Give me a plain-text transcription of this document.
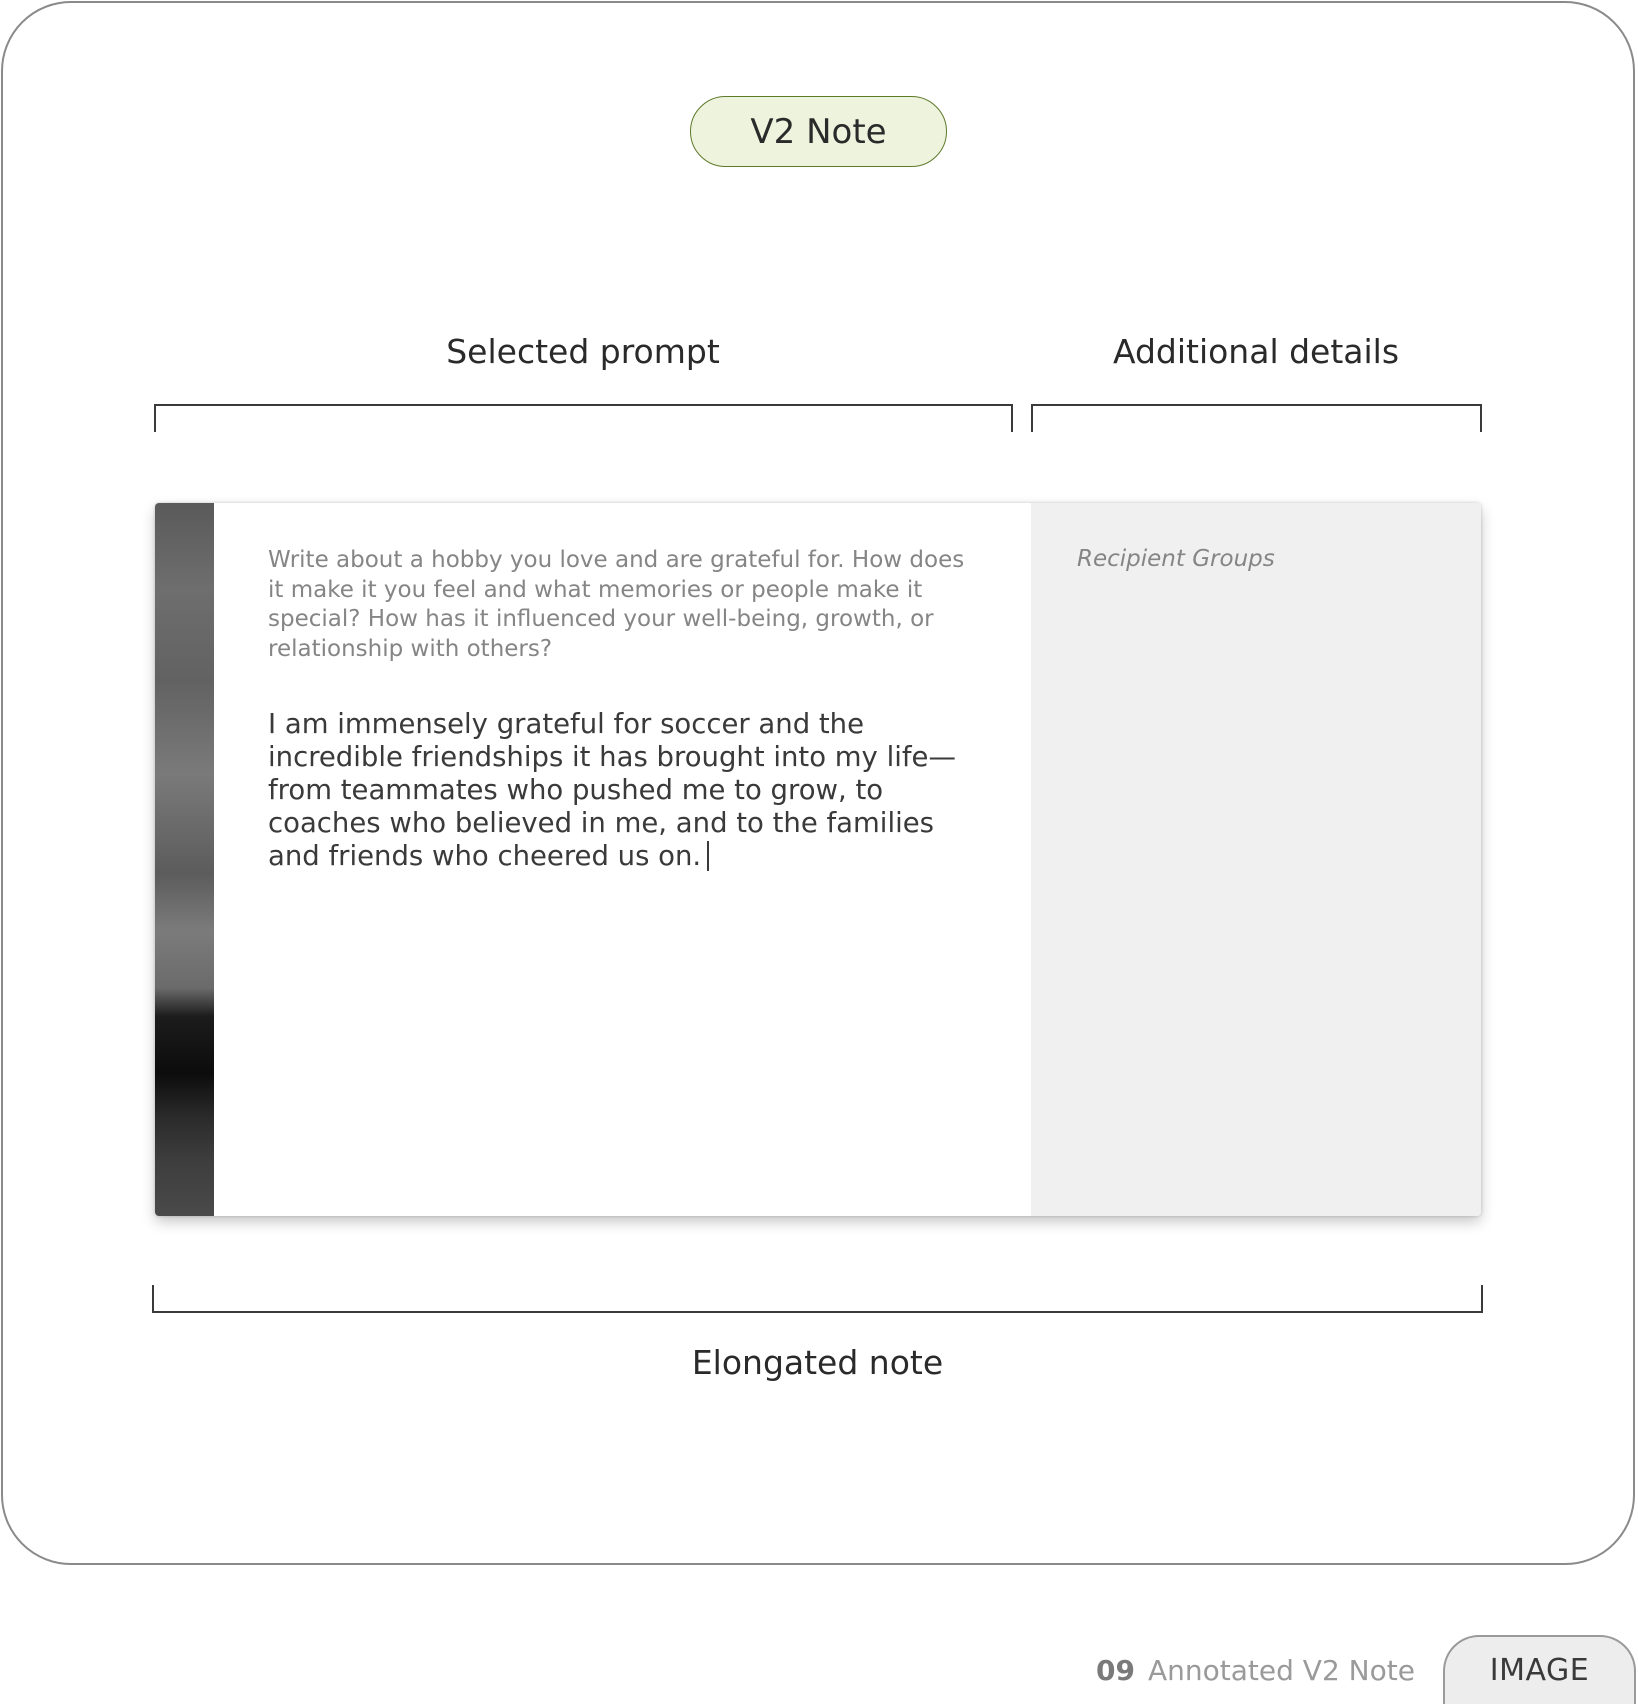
V2 Note
Selected prompt	Additional details

Write about a hobby you love and are grateful for. How does it make it you feel and what memories or people make it special? How has it influenced your well-being, growth, or relationship with others?

I am immensely grateful for soccer and the incredible friendships it has brought into my life—from teammates who pushed me to grow, to coaches who believed in me, and to the families and friends who cheered us on.

Recipient Groups
Elongated note
09 Annotated V2 Note	IMAGE
